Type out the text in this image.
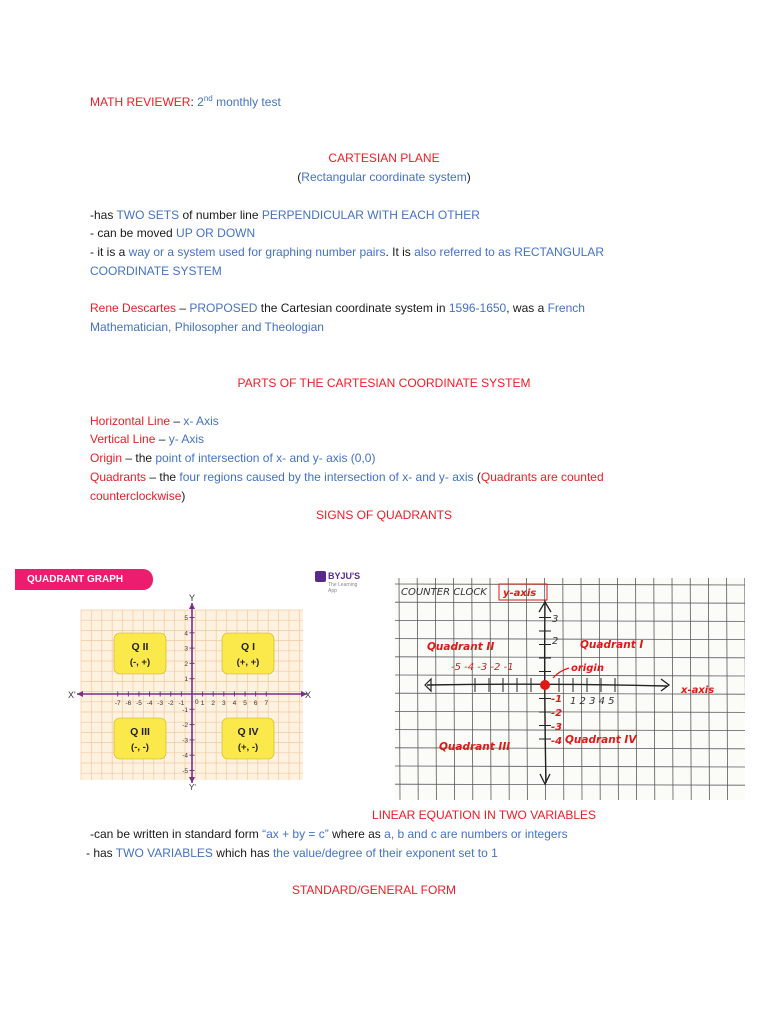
MATH REVIEWER: 2nd monthly test
CARTESIAN PLANE
(Rectangular coordinate system)
-has TWO SETS of number line PERPENDICULAR WITH EACH OTHER
- can be moved UP OR DOWN
- it is a way or a system used for graphing number pairs. It is also referred to as RECTANGULAR
COORDINATE SYSTEM
Rene Descartes – PROPOSED the Cartesian coordinate system in 1596-1650, was a French
Mathematician, Philosopher and Theologian
PARTS OF THE CARTESIAN COORDINATE SYSTEM
Horizontal Line – x- Axis
Vertical Line – y- Axis
Origin – the point of intersection of x- and y- axis (0,0)
Quadrants – the four regions caused by the intersection of x- and y- axis (Quadrants are counted
counterclockwise)
SIGNS OF QUADRANTS
QUADRANT GRAPH	BYJU'S
The Learning App
X
X'
Y
Y'
-7 -6 -5 -4 -3 -2 -1	1 2 3 4 5 6 7
0
5
4
3
2
1
-1
-2
-3
-4
-5
Q II
(-, +)
Q I
(+, +)
Q III
(-, -)
Q IV
(+, -)
COUNTER CLOCK y-axis
x-axis
Quadrant II	Quadrant I
Quadrant III
Quadrant IV
origin
-5 -4 -3 -2 -1
1 2 3 4 5
3
2
-1
-2
-3
-4
LINEAR EQUATION IN TWO VARIABLES
-can be written in standard form “ax + by = c” where as a, b and c are numbers or integers
- has TWO VARIABLES which has the value/degree of their exponent set to 1
STANDARD/GENERAL FORM
